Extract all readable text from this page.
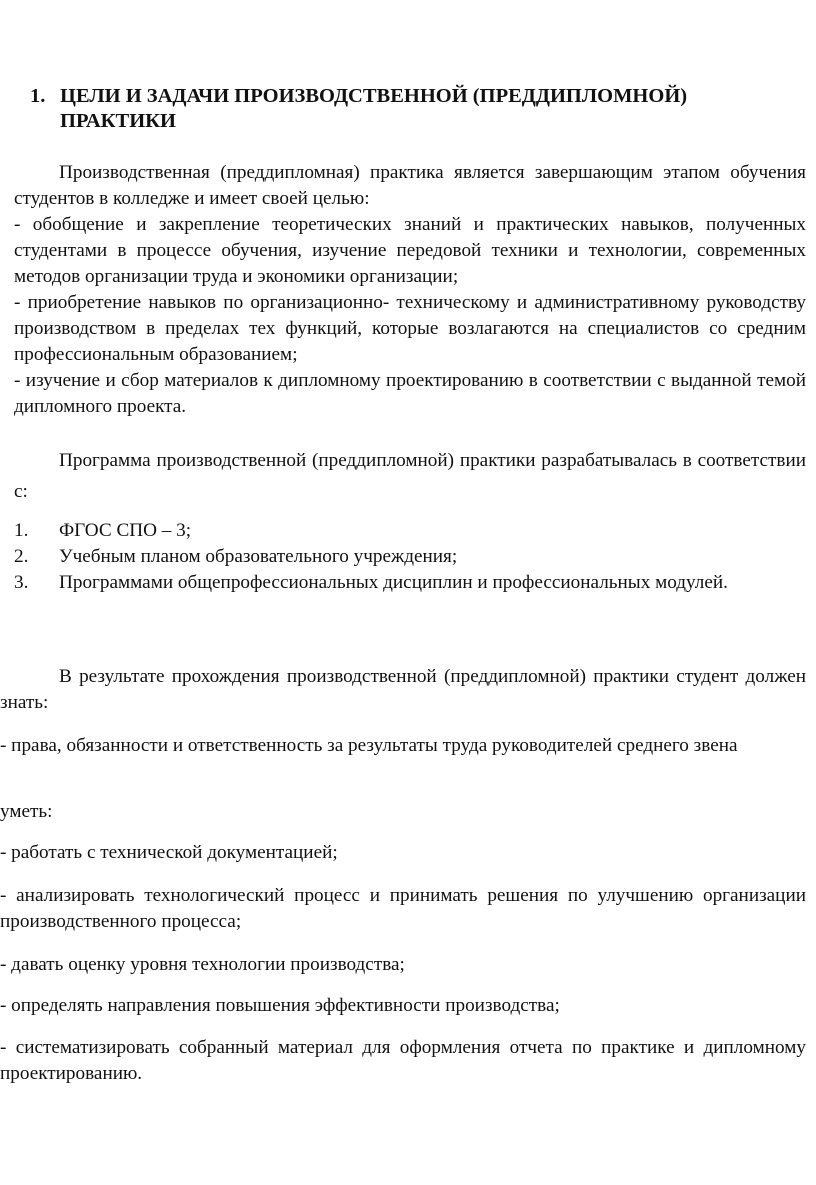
1. ЦЕЛИ И ЗАДАЧИ ПРОИЗВОДСТВЕННОЙ (ПРЕДДИПЛОМНОЙ)
ПРАКТИКИ
Производственная (преддипломная) практика является завершающим этапом обучения студентов в колледже и имеет своей целью:
- обобщение и закрепление теоретических знаний и практических навыков, полученных студентами в процессе обучения, изучение передовой техники и технологии, современных методов организации труда и экономики организации;
- приобретение навыков по организационно- техническому и административному руководству производством в пределах тех функций, которые возлагаются на специалистов со средним профессиональным образованием;
- изучение и сбор материалов к дипломному проектированию в соответствии с выданной темой дипломного проекта.
Программа производственной (преддипломной) практики разрабатывалась в соответствии с:
1. ФГОС СПО – 3;
2. Учебным планом образовательного учреждения;
3. Программами общепрофессиональных дисциплин и профессиональных модулей.
В результате прохождения производственной (преддипломной) практики студент должен знать:
- права, обязанности и ответственность за результаты труда руководителей среднего звена
уметь:
- работать с технической документацией;
- анализировать технологический процесс и принимать решения по улучшению организации производственного процесса;
- давать оценку уровня технологии производства;
- определять направления повышения эффективности производства;
- систематизировать собранный материал для оформления отчета по практике и дипломному проектированию.
